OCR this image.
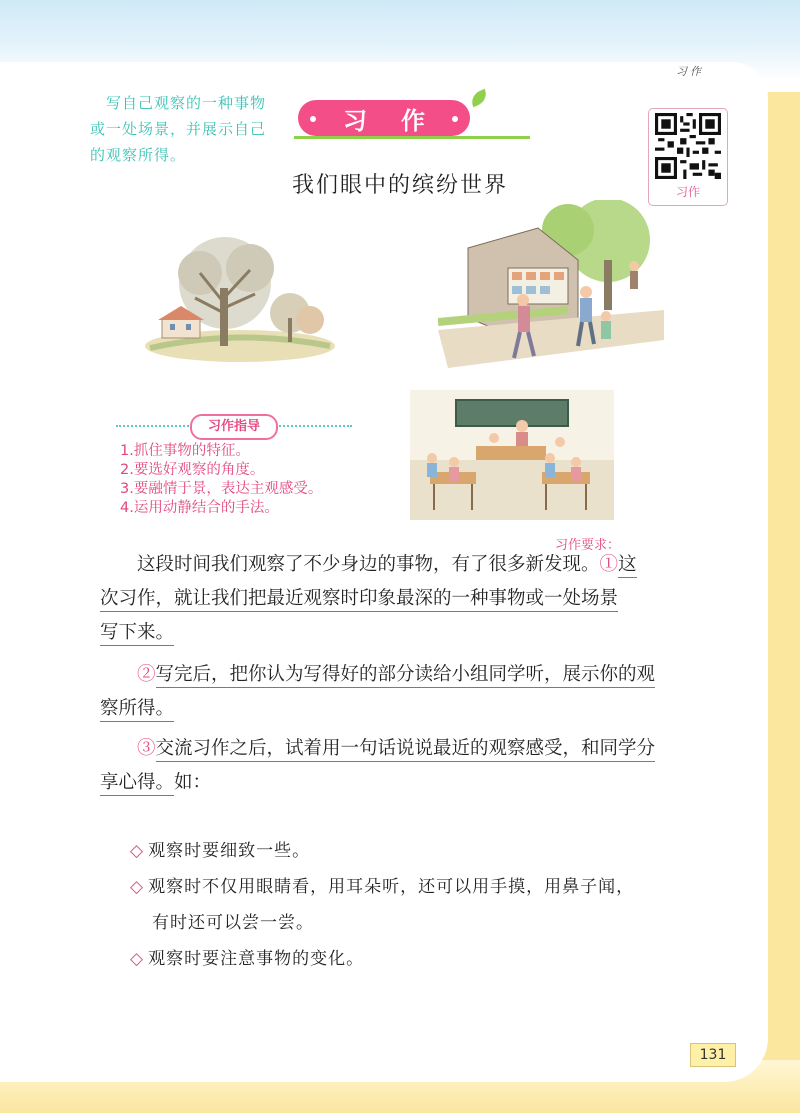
习作
写自己观察的一种事物或一处场景，并展示自己的观察所得。
习作
习作
我们眼中的缤纷世界
习作指导
1.抓住事物的特征。
2.要选好观察的角度。
3.要融情于景，表达主观感受。
4.运用动静结合的手法。
习作要求：
这段时间我们观察了不少身边的事物，有了很多新发现。①这
次习作，就让我们把最近观察时印象最深的一种事物或一处场景
写下来。
②写完后，把你认为写得好的部分读给小组同学听，展示你的观
察所得。
③交流习作之后，试着用一句话说说最近的观察感受，和同学分
享心得。如：
◇ 观察时要细致一些。
◇ 观察时不仅用眼睛看，用耳朵听，还可以用手摸，用鼻子闻，
有时还可以尝一尝。
◇ 观察时要注意事物的变化。
131
